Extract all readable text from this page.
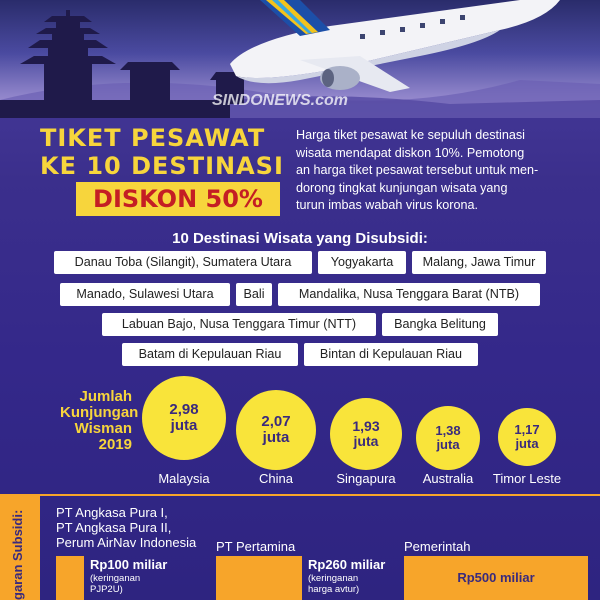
SINDONEWS.com
TIKET PESAWAT
KE 10 DESTINASI
DISKON 50%
Harga tiket pesawat ke sepuluh destinasi
wisata mendapat diskon 10%. Pemotong
an harga tiket pesawat tersebut untuk men-
dorong tingkat kunjungan wisata yang
turun imbas wabah virus korona.
10 Destinasi Wisata yang Disubsidi:
Danau Toba (Silangit), Sumatera Utara	Yogyakarta	Malang, Jawa Timur
Manado, Sulawesi Utara	Bali	Mandalika, Nusa Tenggara Barat (NTB)
Labuan Bajo, Nusa Tenggara Timur (NTT)	Bangka Belitung
Batam di Kepulauan Riau	Bintan di Kepulauan Riau
Jumlah
Kunjungan
Wisman
2019
2,98
juta
Malaysia
2,07
juta
China
1,93
juta
Singapura
1,38
juta
Australia
1,17
juta
Timor Leste
garan Subsidi:	PT Angkasa Pura I,
PT Angkasa Pura II,
Perum AirNav Indonesia
Rp100 miliar
(keringanan
PJP2U)
PT Pertamina
Rp260 miliar
(keringanan
harga avtur)
Pemerintah
Rp500 miliar
